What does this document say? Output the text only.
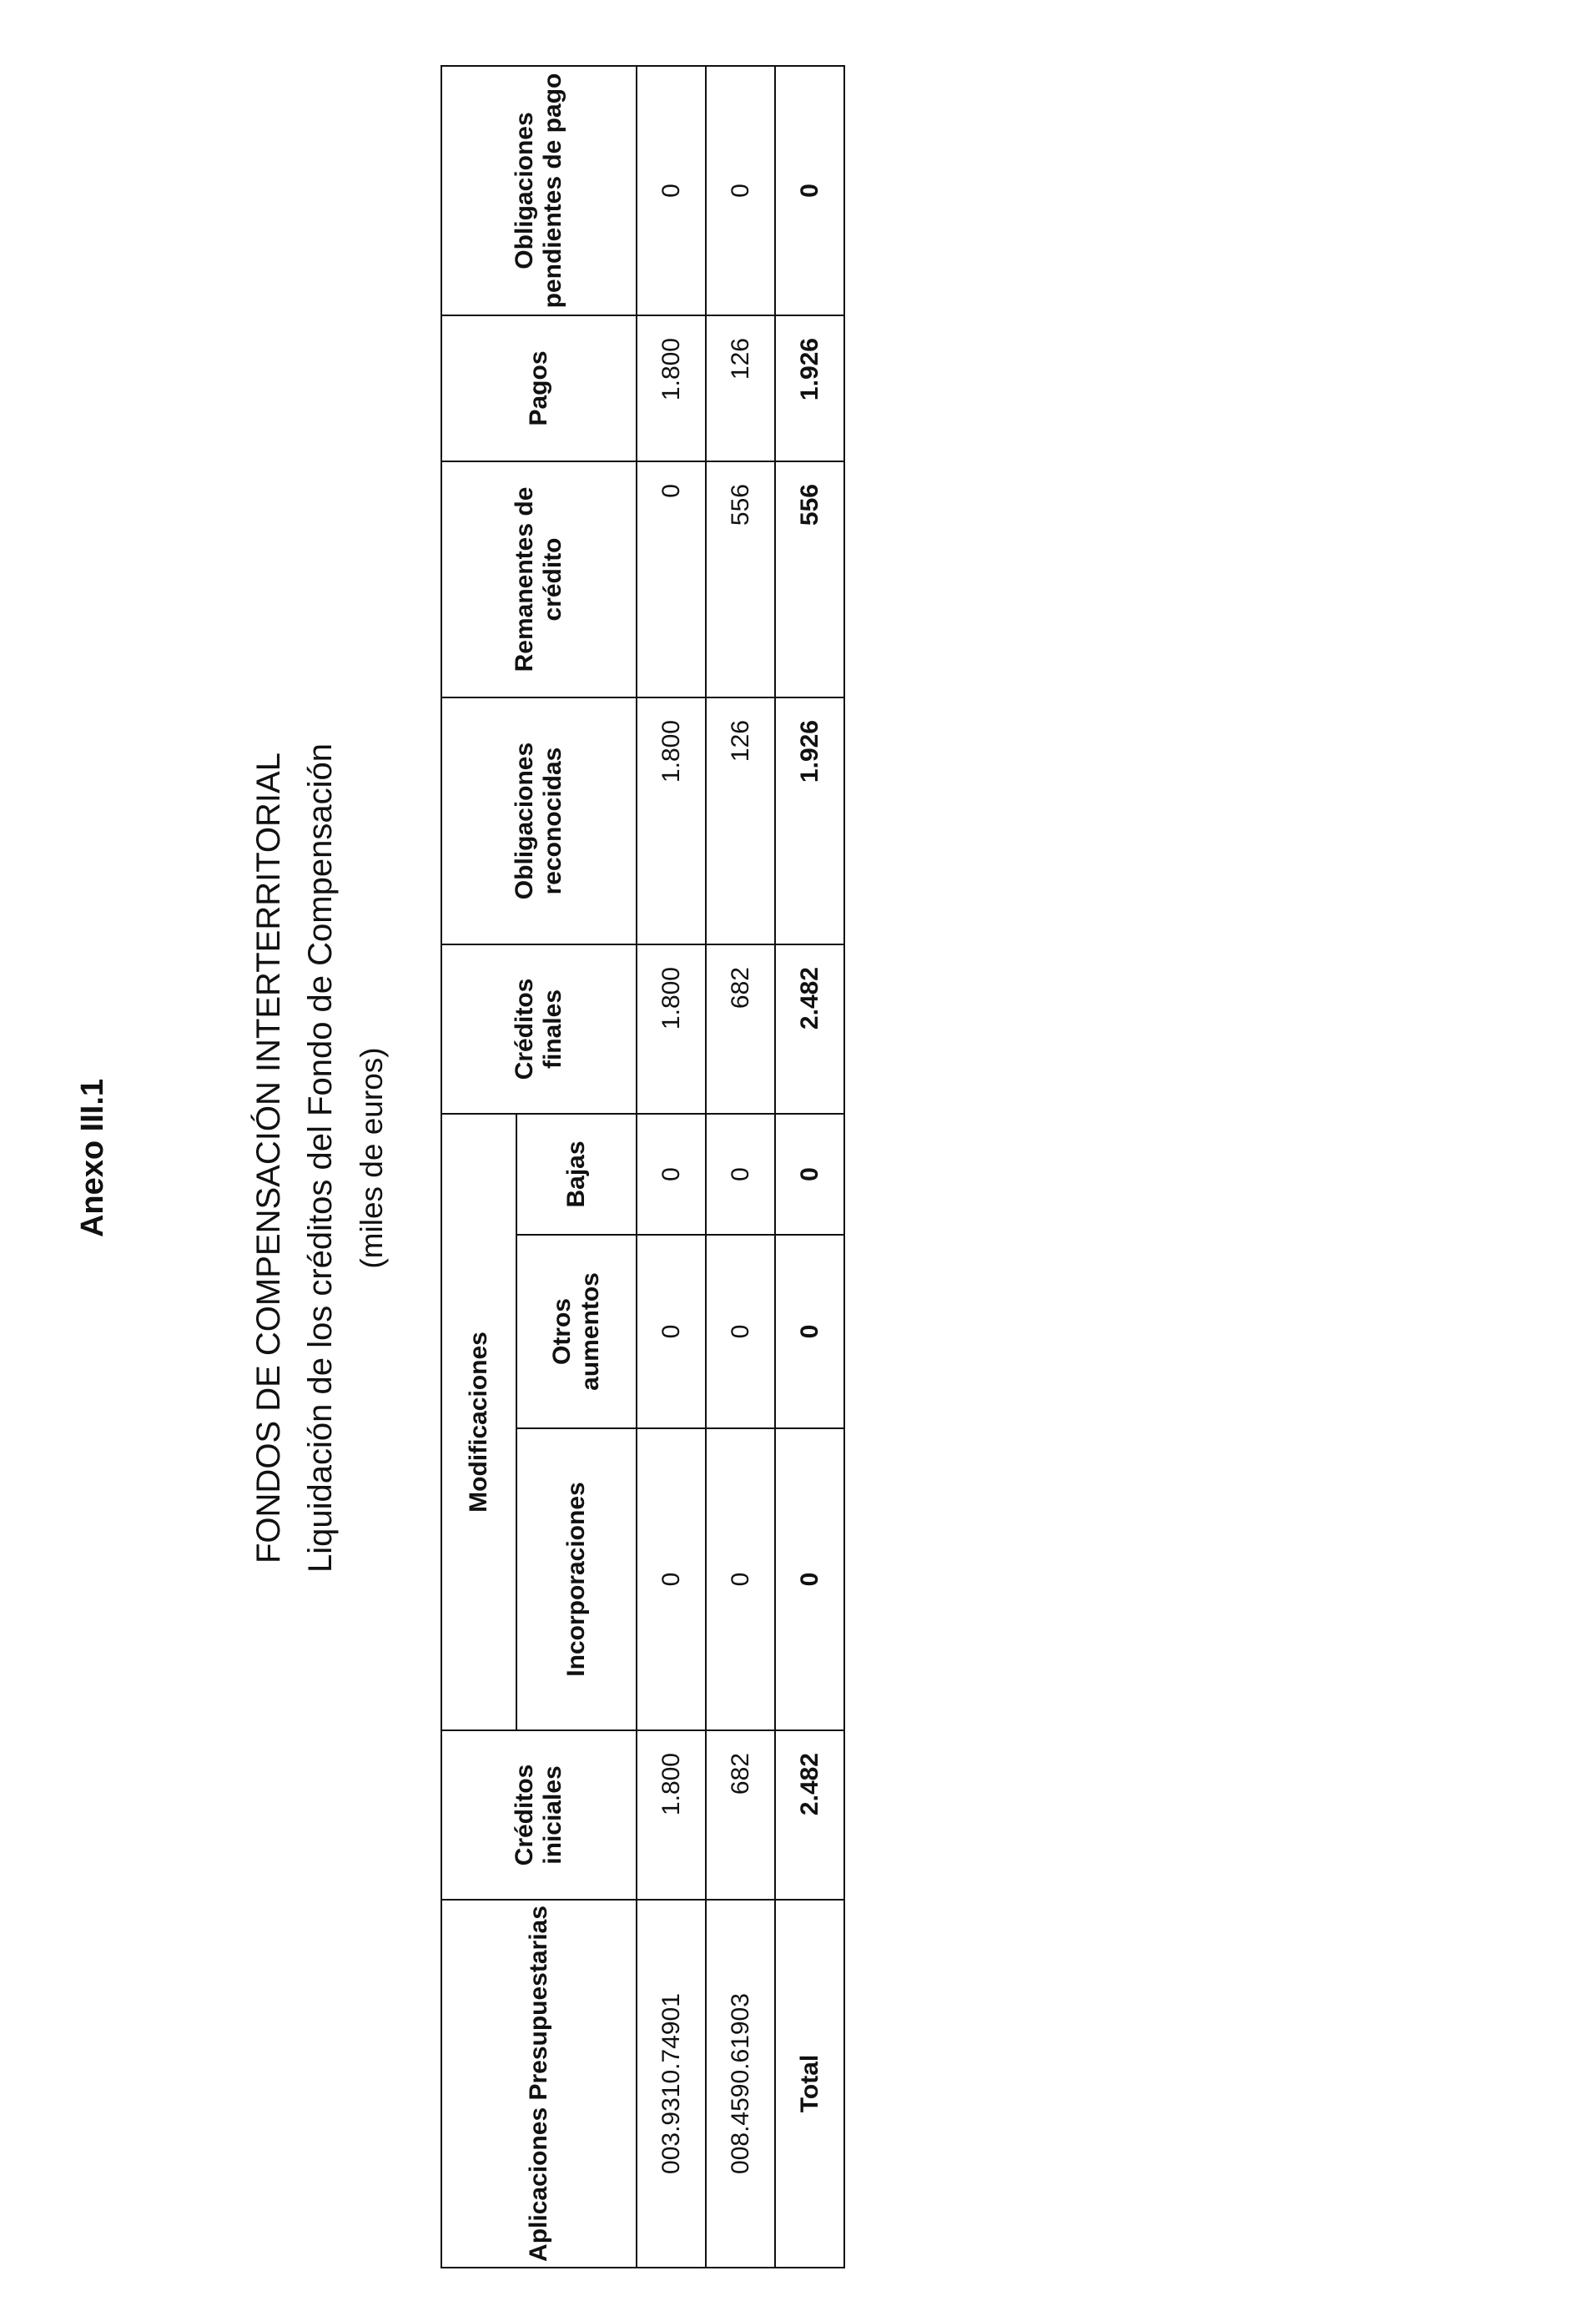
Anexo III.1	FONDOS DE COMPENSACIÓN INTERTERRITORIAL Liquidación de los créditos del Fondo de Compensación (miles de euros)
Aplicaciones Presupuestarias	Créditos iniciales	Modificaciones			Créditos finales	Obligaciones reconocidas	Remanentes de crédito	Pagos	Obligaciones pendientes de pago
		Incorporaciones	Otros aumentos	Bajas					
003.9310.74901	1.800	0	0	0	1.800	1.800	0	1.800	0
008.4590.61903	682	0	0	0	682	126	556	126	0
Total	2.482	0	0	0	2.482	1.926	556	1.926	0
